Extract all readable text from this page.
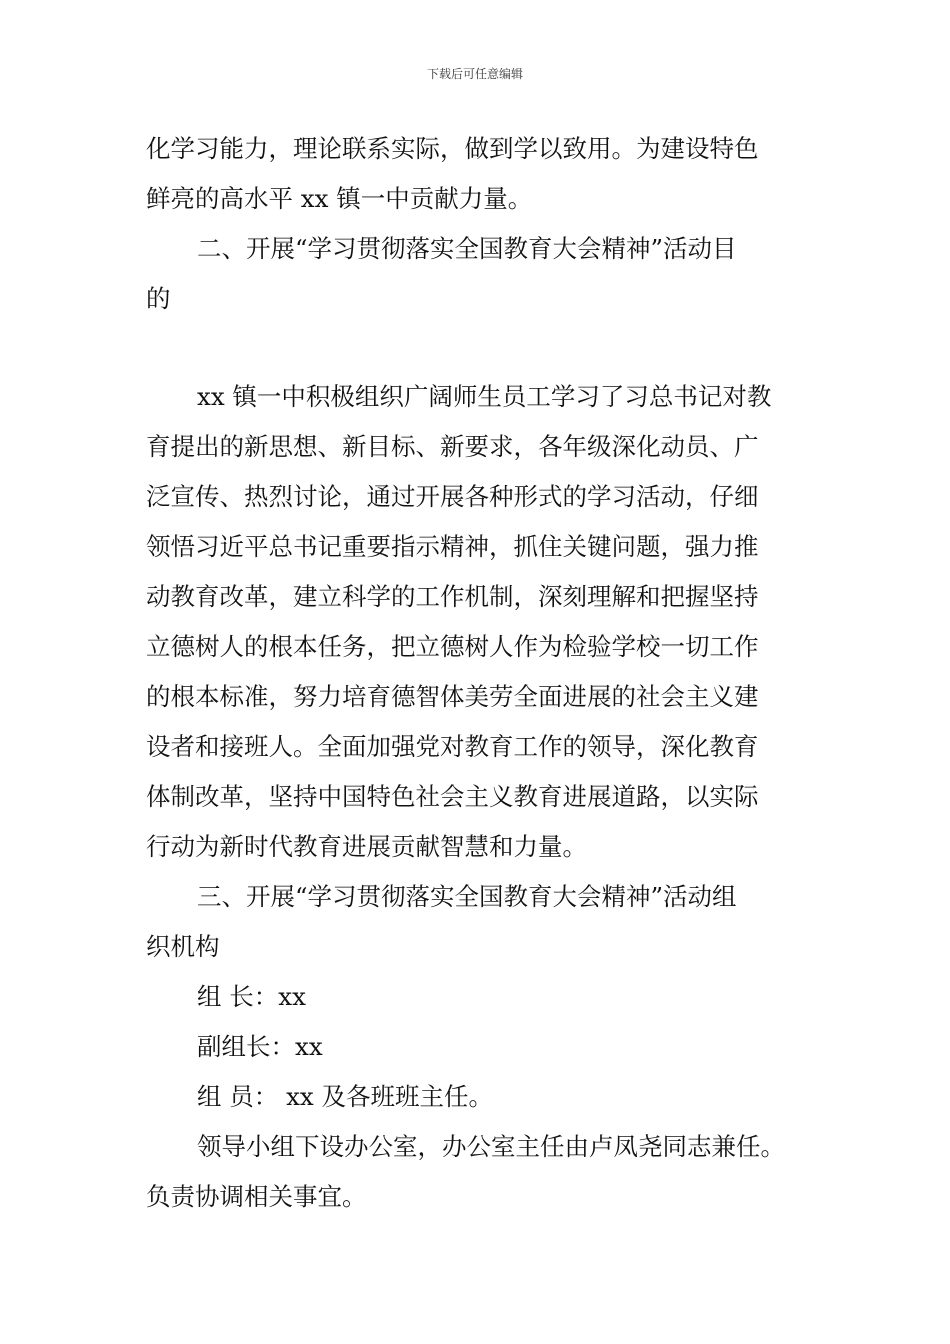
下载后可任意编辑
化学习能力，理论联系实际，做到学以致用。为建设特色
鲜亮的高水平 xx 镇一中贡献力量。
二、开展“学习贯彻落实全国教育大会精神”活动目
的
xx 镇一中积极组织广阔师生员工学习了习总书记对教
育提出的新思想、新目标、新要求，各年级深化动员、广
泛宣传、热烈讨论，通过开展各种形式的学习活动，仔细
领悟习近平总书记重要指示精神，抓住关键问题，强力推
动教育改革，建立科学的工作机制，深刻理解和把握坚持
立德树人的根本任务，把立德树人作为检验学校一切工作
的根本标准，努力培育德智体美劳全面进展的社会主义建
设者和接班人。全面加强党对教育工作的领导，深化教育
体制改革，坚持中国特色社会主义教育进展道路，以实际
行动为新时代教育进展贡献智慧和力量。
三、开展“学习贯彻落实全国教育大会精神”活动组
织机构
组 长：xx
副组长：xx
组 员： xx 及各班班主任。
领导小组下设办公室，办公室主任由卢凤尧同志兼任。
负责协调相关事宜。
